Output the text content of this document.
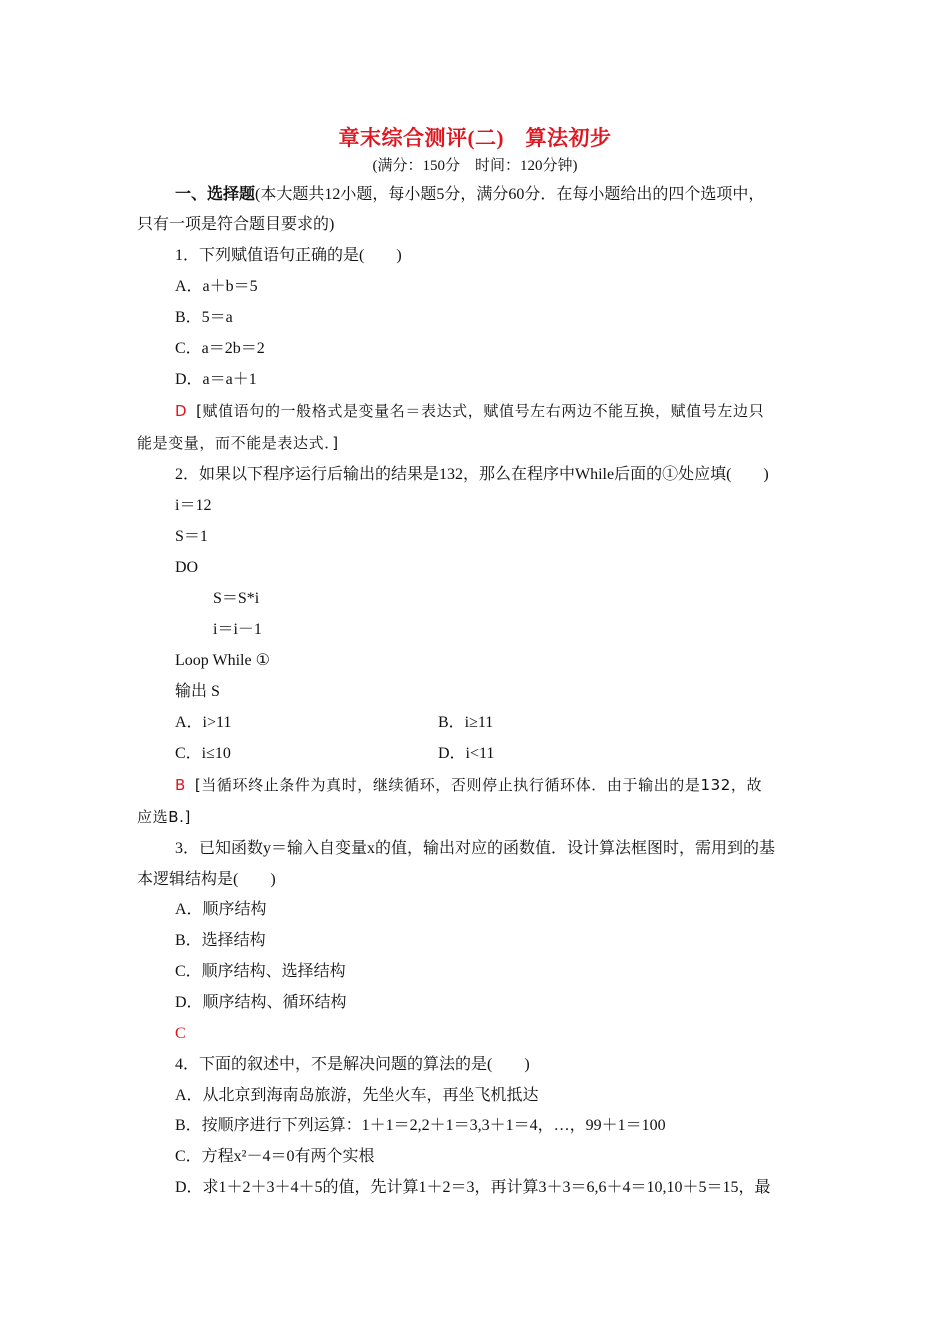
章末综合测评(二)　算法初步
(满分：150分　时间：120分钟)
一、选择题(本大题共12小题，每小题5分，满分60分．在每小题给出的四个选项中，
只有一项是符合题目要求的)
1．下列赋值语句正确的是(　　)
A．a＋b＝5
B．5＝a
C．a＝2b＝2
D．a＝a＋1
D [赋值语句的一般格式是变量名＝表达式，赋值号左右两边不能互换，赋值号左边只
能是变量，而不能是表达式．]
2．如果以下程序运行后输出的结果是132，那么在程序中While后面的①处应填(　　)
i＝12
S＝1
DO
S＝S*i
i＝i－1
Loop While ①
输出 S
A．i>11	B．i≥11
C．i≤10	D．i<11
B [当循环终止条件为真时，继续循环，否则停止执行循环体．由于输出的是132，故
应选B.]
3．已知函数y＝输入自变量x的值，输出对应的函数值．设计算法框图时，需用到的基
本逻辑结构是(　　)
A．顺序结构
B．选择结构
C．顺序结构、选择结构
D．顺序结构、循环结构
C
4．下面的叙述中，不是解决问题的算法的是(　　)
A．从北京到海南岛旅游，先坐火车，再坐飞机抵达
B．按顺序进行下列运算：1＋1＝2,2＋1＝3,3＋1＝4，…，99＋1＝100
C．方程x²－4＝0有两个实根
D．求1＋2＋3＋4＋5的值，先计算1＋2＝3，再计算3＋3＝6,6＋4＝10,10＋5＝15，最
